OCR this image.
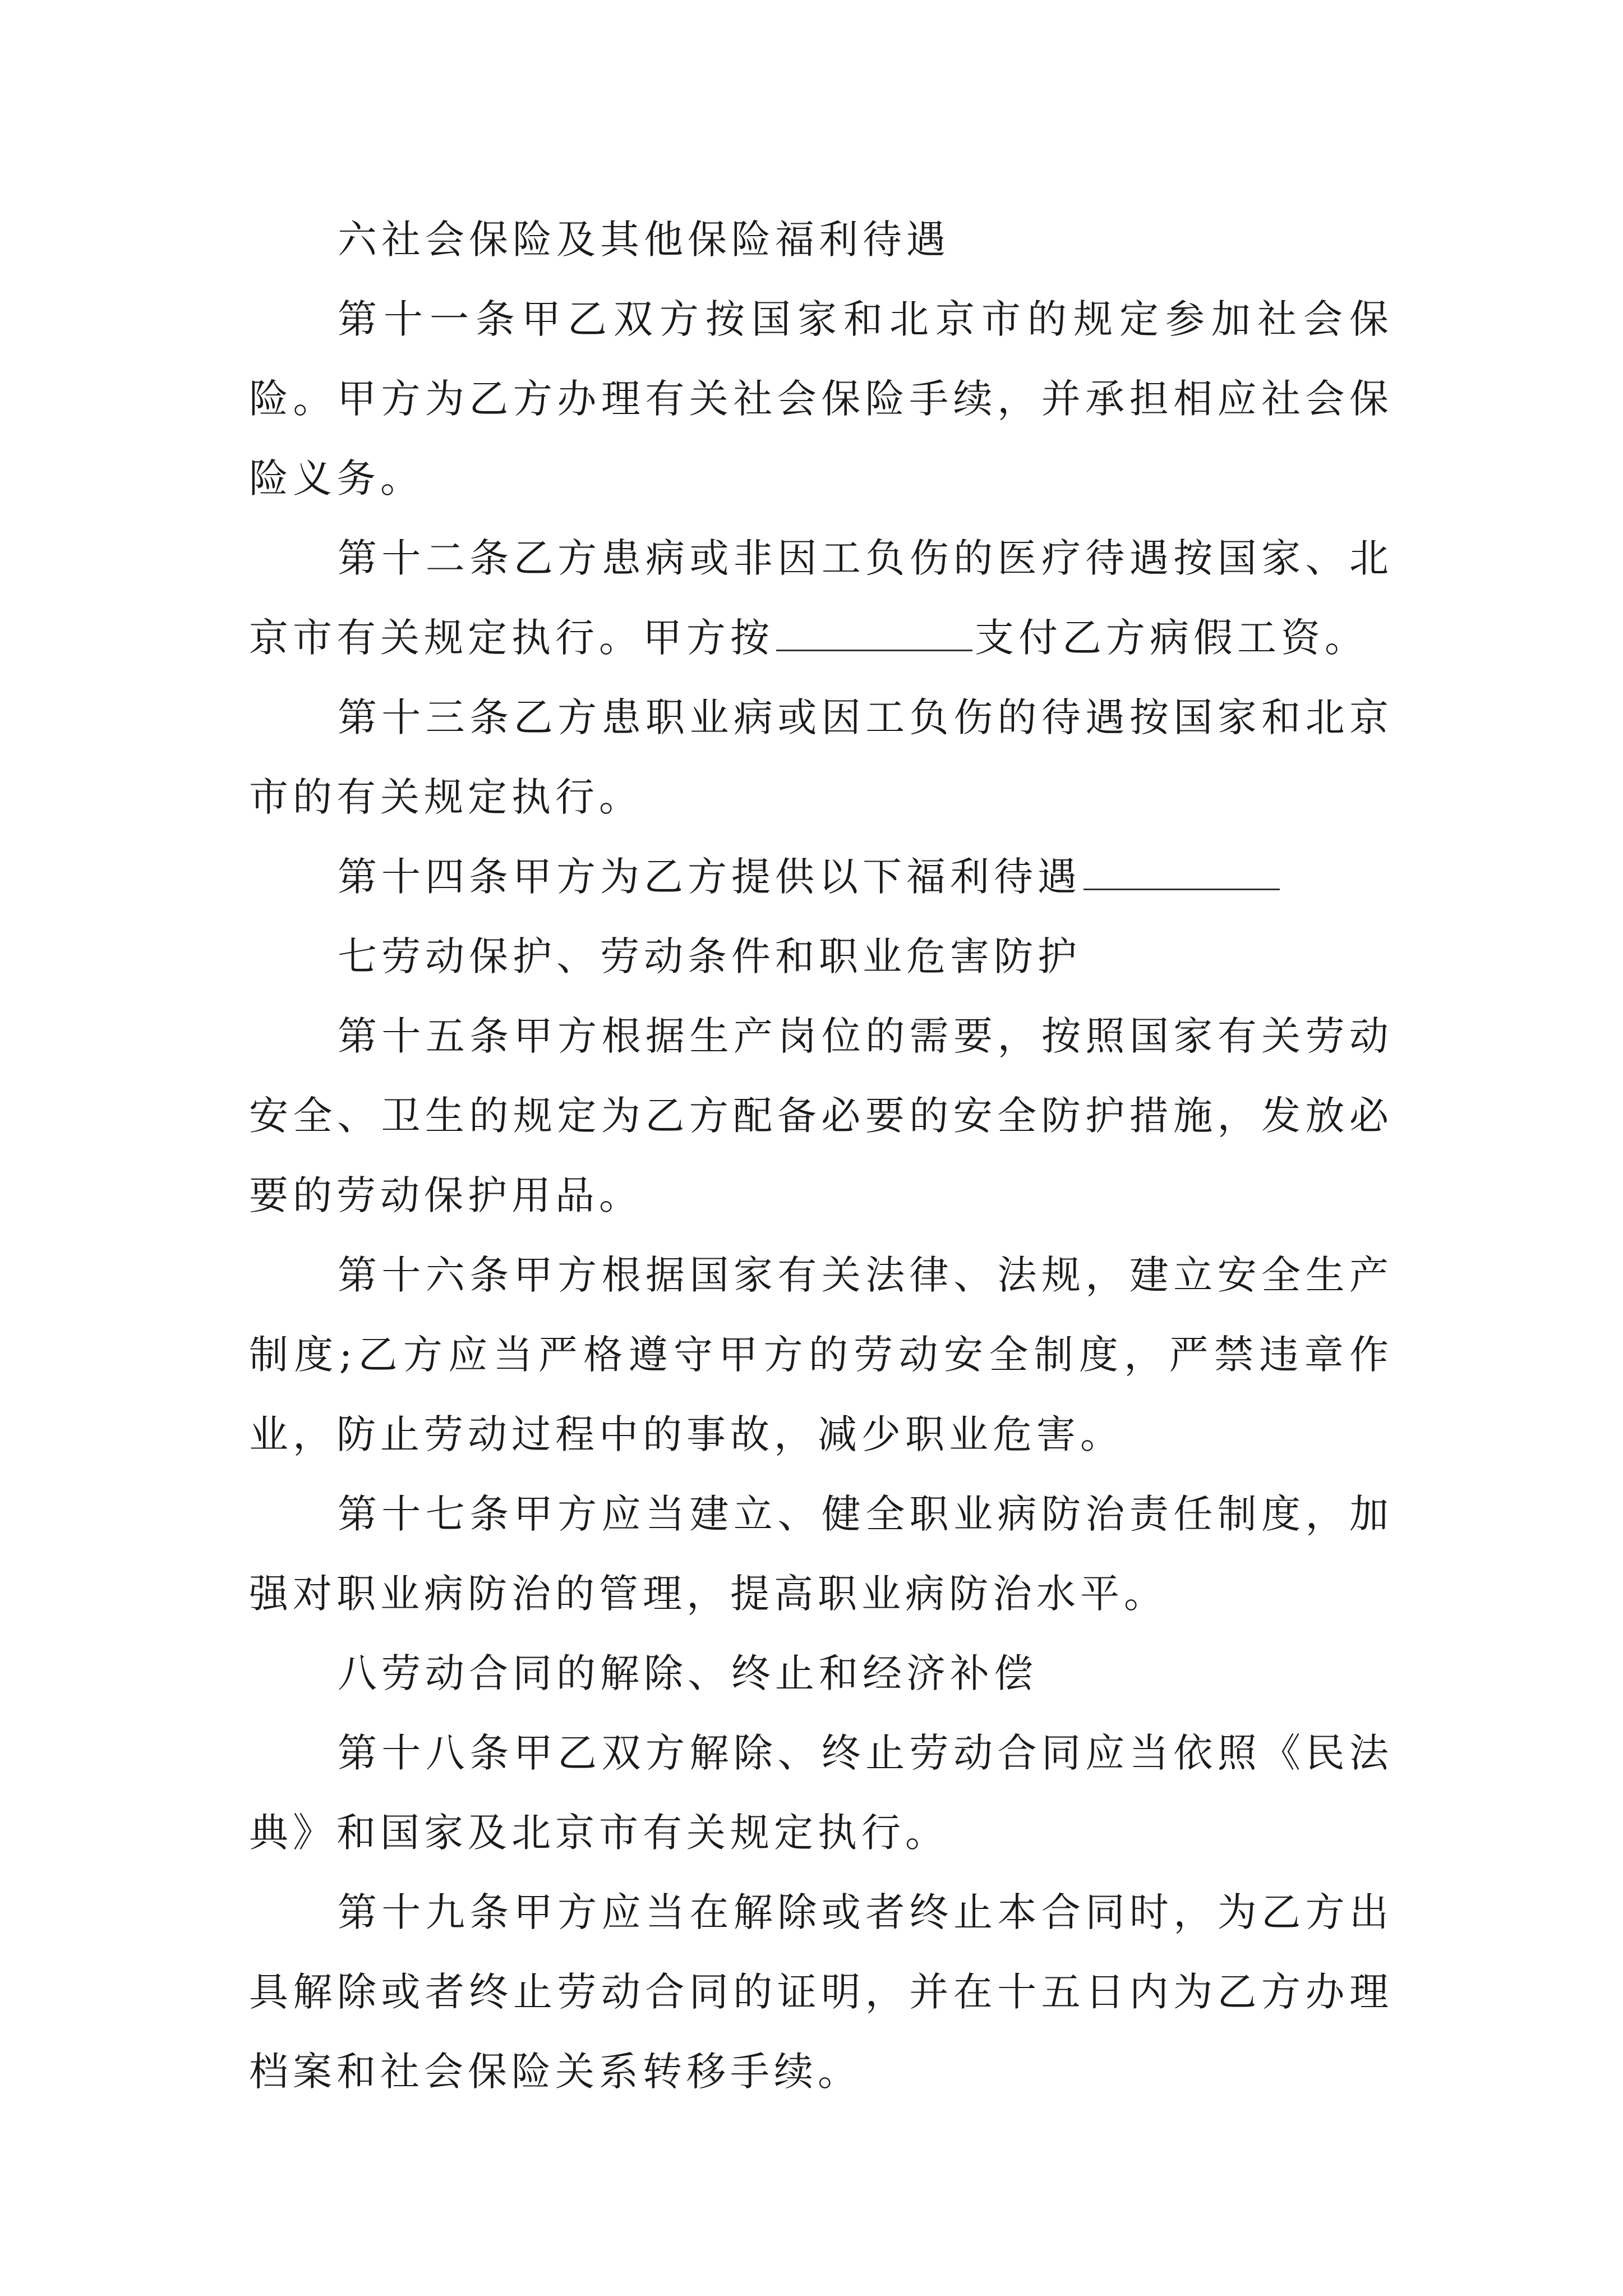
六社会保险及其他保险福利待遇

第十一条甲乙双方按国家和北京市的规定参加社会保险。甲方为乙方办理有关社会保险手续，并承担相应社会保险义务。

第十二条乙方患病或非因工负伤的医疗待遇按国家、北京市有关规定执行。甲方按	支付乙方病假工资。

第十三条乙方患职业病或因工负伤的待遇按国家和北京市的有关规定执行。

第十四条甲方为乙方提供以下福利待遇

七劳动保护、劳动条件和职业危害防护

第十五条甲方根据生产岗位的需要，按照国家有关劳动安全、卫生的规定为乙方配备必要的安全防护措施，发放必要的劳动保护用品。

第十六条甲方根据国家有关法律、法规，建立安全生产制度;乙方应当严格遵守甲方的劳动安全制度，严禁违章作业，防止劳动过程中的事故，减少职业危害。

第十七条甲方应当建立、健全职业病防治责任制度，加强对职业病防治的管理，提高职业病防治水平。

八劳动合同的解除、终止和经济补偿

第十八条甲乙双方解除、终止劳动合同应当依照《民法典》和国家及北京市有关规定执行。

第十九条甲方应当在解除或者终止本合同时，为乙方出具解除或者终止劳动合同的证明，并在十五日内为乙方办理档案和社会保险关系转移手续。
